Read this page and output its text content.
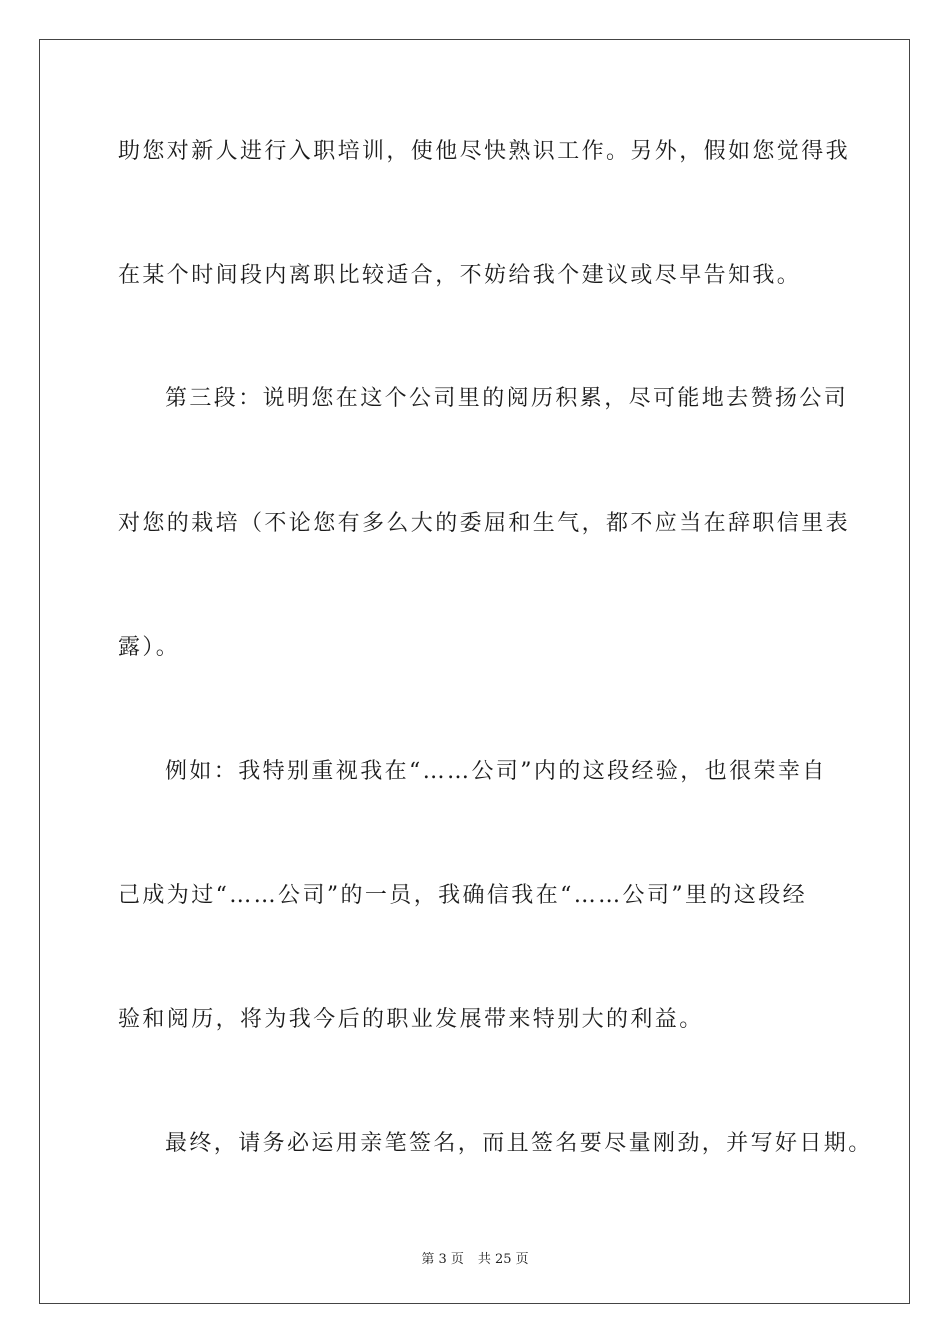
助您对新人进行入职培训，使他尽快熟识工作。另外，假如您觉得我
在某个时间段内离职比较适合，不妨给我个建议或尽早告知我。
第三段：说明您在这个公司里的阅历积累，尽可能地去赞扬公司
对您的栽培（不论您有多么大的委屈和生气，都不应当在辞职信里表
露）。
例如：我特别重视我在“……公司”内的这段经验，也很荣幸自
己成为过“……公司”的一员，我确信我在“……公司”里的这段经
验和阅历，将为我今后的职业发展带来特别大的利益。
最终，请务必运用亲笔签名，而且签名要尽量刚劲，并写好日期。
第 3 页 共 25 页
